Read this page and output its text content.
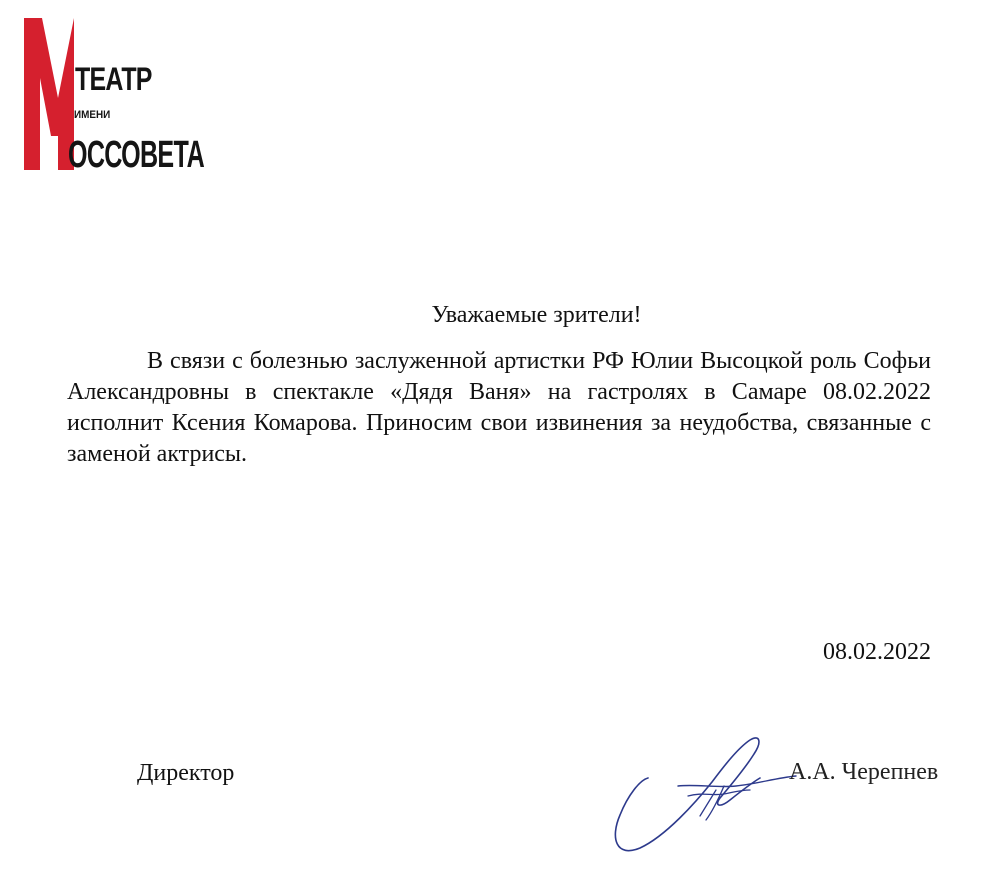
ТЕАТР
ИМЕНИ
ОССОВЕТА
Уважаемые зрители!

В связи с болезнью заслуженной артистки РФ Юлии Высоцкой роль Софьи Александровны в спектакле «Дядя Ваня» на гастролях в Самаре 08.02.2022 исполнит Ксения Комарова. Приносим свои извинения за неудобства, связанные с заменой актрисы.

08.02.2022
Директор	А.А. Черепнев
